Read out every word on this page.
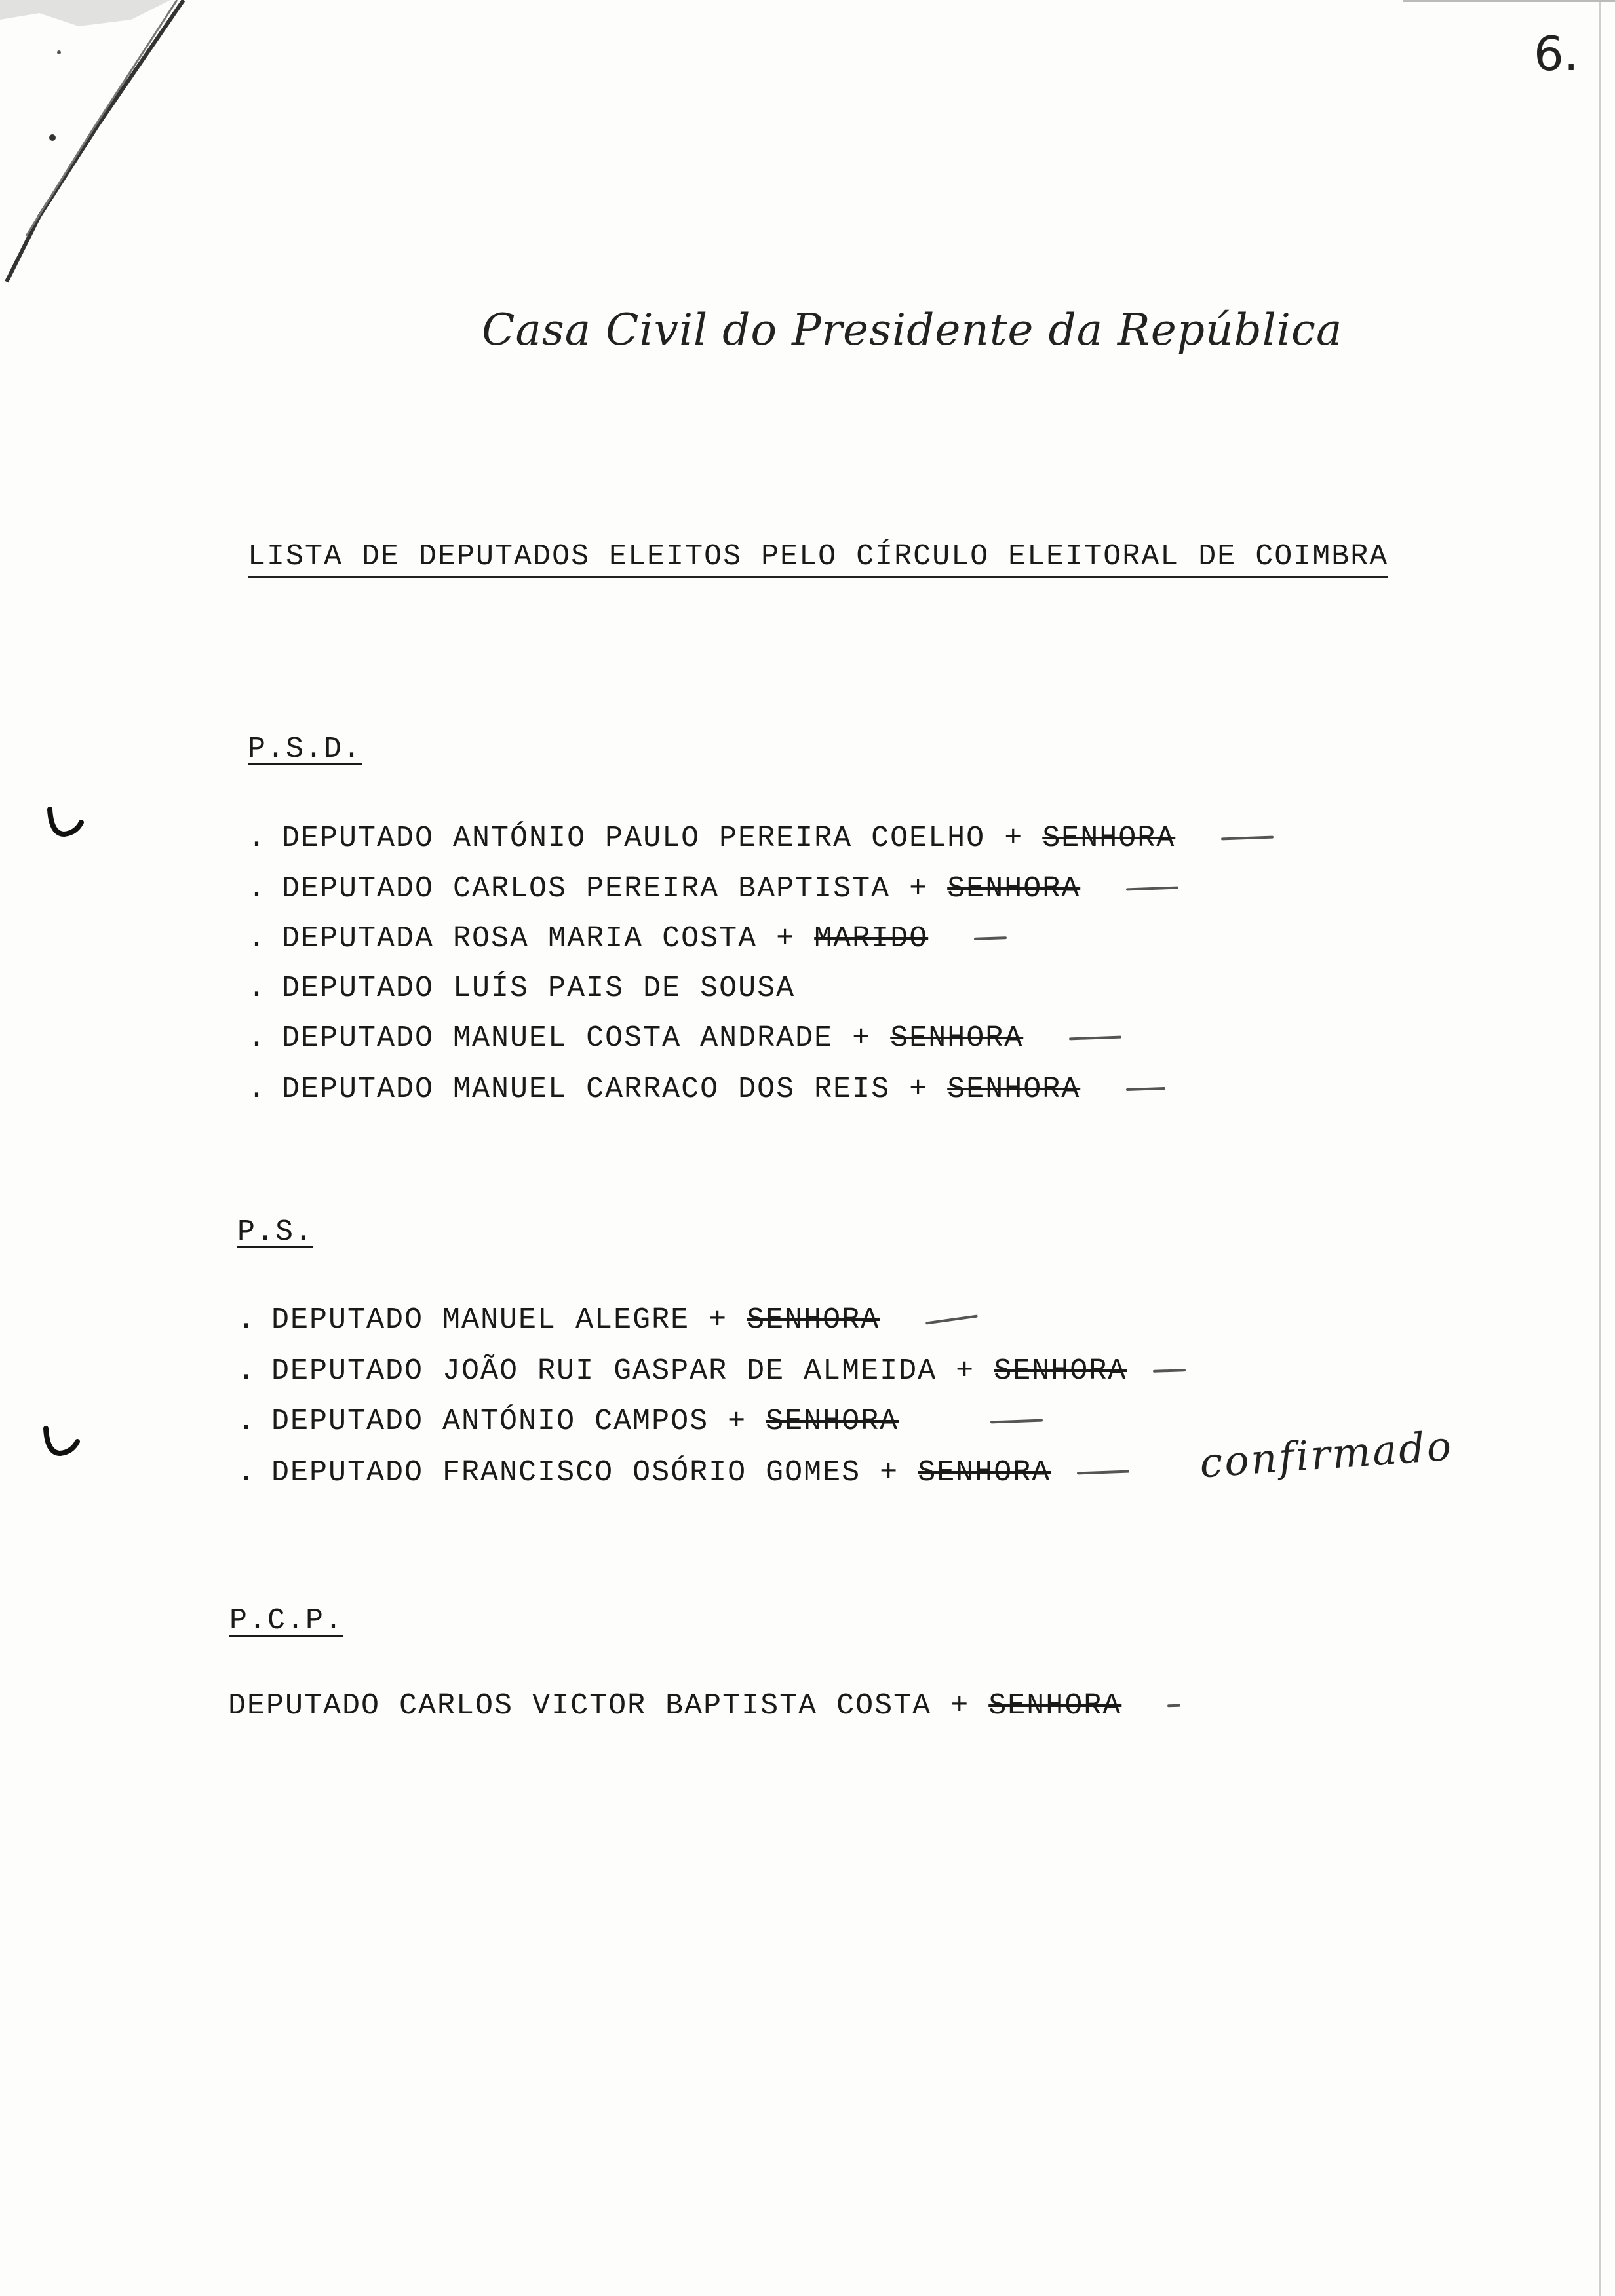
6.
Casa Civil do Presidente da República
LISTA DE DEPUTADOS ELEITOS PELO CÍRCULO ELEITORAL DE COIMBRA
P.S.D.
. DEPUTADO ANTÓNIO PAULO PEREIRA COELHO + SENHORA
. DEPUTADO CARLOS PEREIRA BAPTISTA + SENHORA
. DEPUTADA ROSA MARIA COSTA + MARIDO
. DEPUTADO LUÍS PAIS DE SOUSA
. DEPUTADO MANUEL COSTA ANDRADE + SENHORA
. DEPUTADO MANUEL CARRACO DOS REIS + SENHORA
P.S.
. DEPUTADO MANUEL ALEGRE + SENHORA
. DEPUTADO JOÃO RUI GASPAR DE ALMEIDA + SENHORA
. DEPUTADO ANTÓNIO CAMPOS + SENHORA
. DEPUTADO FRANCISCO OSÓRIO GOMES + SENHORA	confirmado
P.C.P.
DEPUTADO CARLOS VICTOR BAPTISTA COSTA + SENHORA
